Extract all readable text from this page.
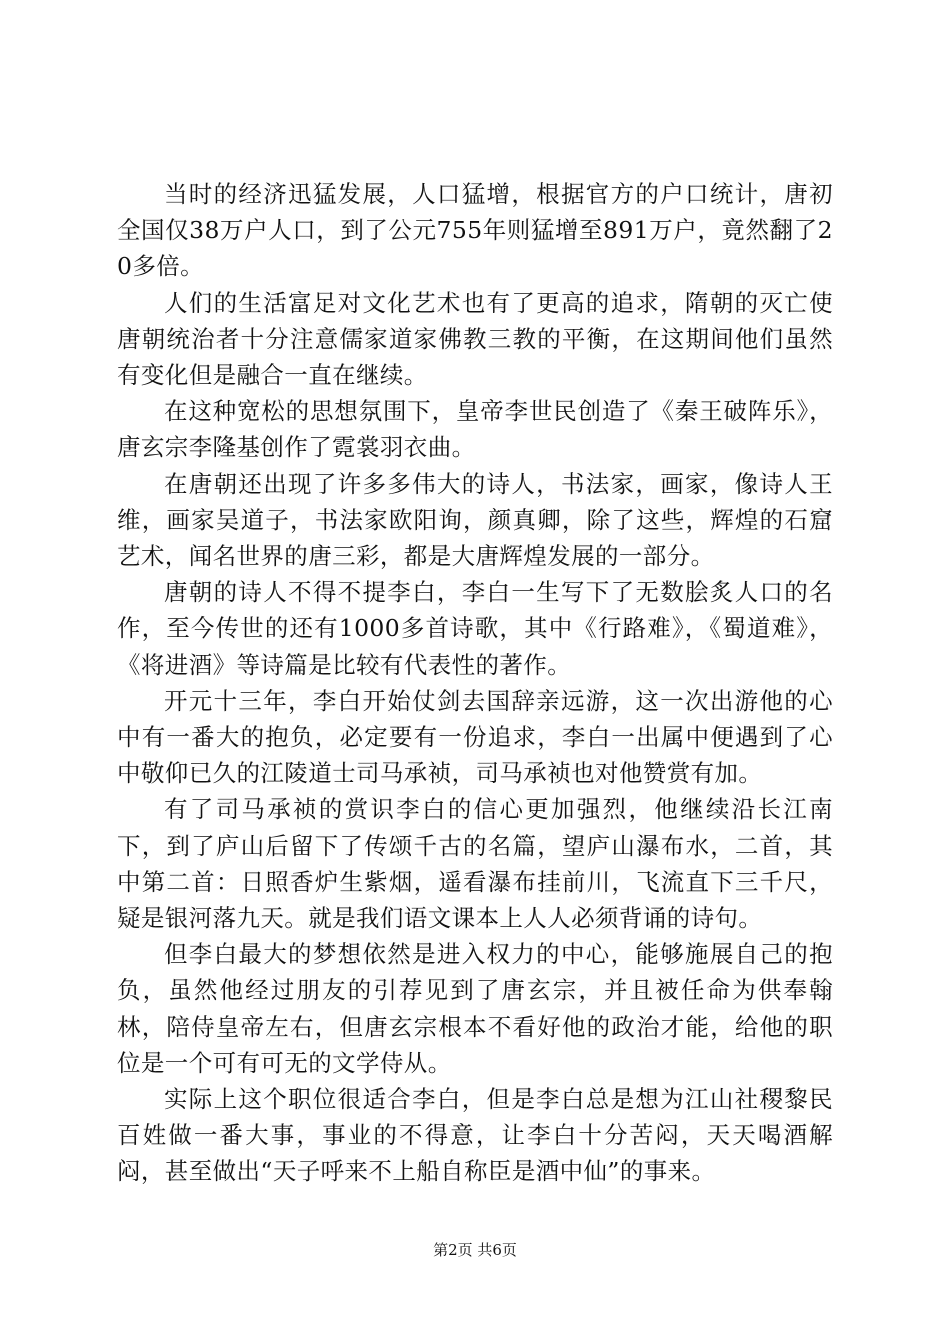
当时的经济迅猛发展，人口猛增，根据官方的户口统计，唐初全国仅38万户人口，到了公元755年则猛增至891万户，竟然翻了20多倍。

人们的生活富足对文化艺术也有了更高的追求，隋朝的灭亡使唐朝统治者十分注意儒家道家佛教三教的平衡，在这期间他们虽然有变化但是融合一直在继续。

在这种宽松的思想氛围下，皇帝李世民创造了《秦王破阵乐》，唐玄宗李隆基创作了霓裳羽衣曲。

在唐朝还出现了许多多伟大的诗人，书法家，画家，像诗人王维，画家吴道子，书法家欧阳询，颜真卿，除了这些，辉煌的石窟艺术，闻名世界的唐三彩，都是大唐辉煌发展的一部分。

唐朝的诗人不得不提李白，李白一生写下了无数脍炙人口的名作，至今传世的还有1000多首诗歌，其中《行路难》，《蜀道难》，《将进酒》等诗篇是比较有代表性的著作。

开元十三年，李白开始仗剑去国辞亲远游，这一次出游他的心中有一番大的抱负，必定要有一份追求，李白一出属中便遇到了心中敬仰已久的江陵道士司马承祯，司马承祯也对他赞赏有加。

有了司马承祯的赏识李白的信心更加强烈，他继续沿长江南下，到了庐山后留下了传颂千古的名篇，望庐山瀑布水，二首，其中第二首：日照香炉生紫烟，遥看瀑布挂前川，飞流直下三千尺，疑是银河落九天。就是我们语文课本上人人必须背诵的诗句。

但李白最大的梦想依然是进入权力的中心，能够施展自己的抱负，虽然他经过朋友的引荐见到了唐玄宗，并且被任命为供奉翰林，陪侍皇帝左右，但唐玄宗根本不看好他的政治才能，给他的职位是一个可有可无的文学侍从。

实际上这个职位很适合李白，但是李白总是想为江山社稷黎民百姓做一番大事，事业的不得意，让李白十分苦闷，天天喝酒解闷，甚至做出“天子呼来不上船自称臣是酒中仙”的事来。

第2页 共6页
